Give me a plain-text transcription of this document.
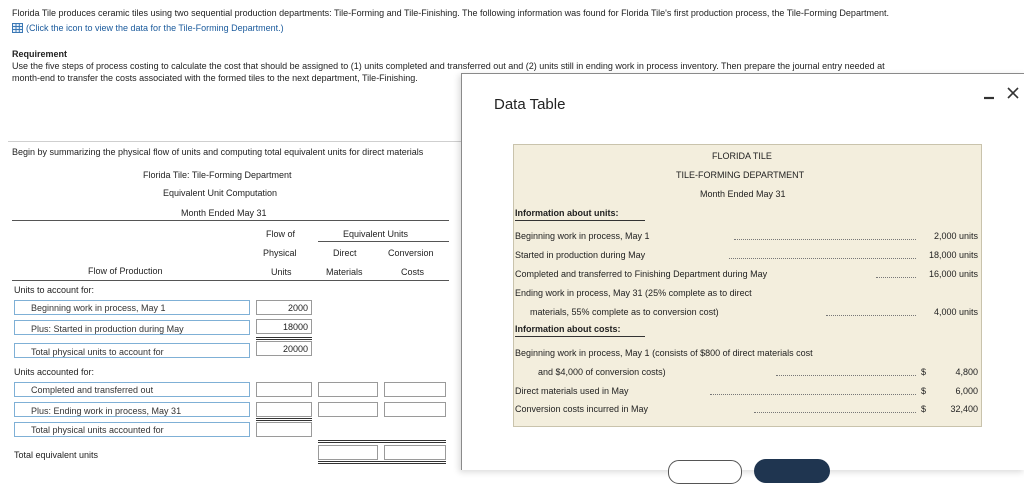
Florida Tile produces ceramic tiles using two sequential production departments: Tile-Forming and Tile-Finishing. The following information was found for Florida Tile's first production process, the Tile-Forming Department.
(Click the icon to view the data for the Tile-Forming Department.)
Requirement
Use the five steps of process costing to calculate the cost that should be assigned to (1) units completed and transferred out and (2) units still in ending work in process inventory. Then prepare the journal entry needed at
month-end to transfer the costs associated with the formed tiles to the next department, Tile-Finishing.
Begin by summarizing the physical flow of units and computing total equivalent units for direct materials
Florida Tile: Tile-Forming Department
Equivalent Unit Computation
Month Ended May 31
Flow of
Physical
Units
Equivalent Units
Direct
Materials
Conversion
Costs
Flow of Production
Units to account for:
Beginning work in process, May 1	2000
Plus: Started in production during May	18000
Total physical units to account for	20000
Units accounted for:
Completed and transferred out
Plus: Ending work in process, May 31
Total physical units accounted for
Total equivalent units
Data Table
FLORIDA TILE
TILE-FORMING DEPARTMENT
Month Ended May 31
Information about units:
Beginning work in process, May 1	2,000 units
Started in production during May	18,000 units
Completed and transferred to Finishing Department during May	16,000 units
Ending work in process, May 31 (25% complete as to direct
materials, 55% complete as to conversion cost)	4,000 units
Information about costs:
Beginning work in process, May 1 (consists of $800 of direct materials cost
and $4,000 of conversion costs)	$	4,800
Direct materials used in May	$	6,000
Conversion costs incurred in May	$	32,400
